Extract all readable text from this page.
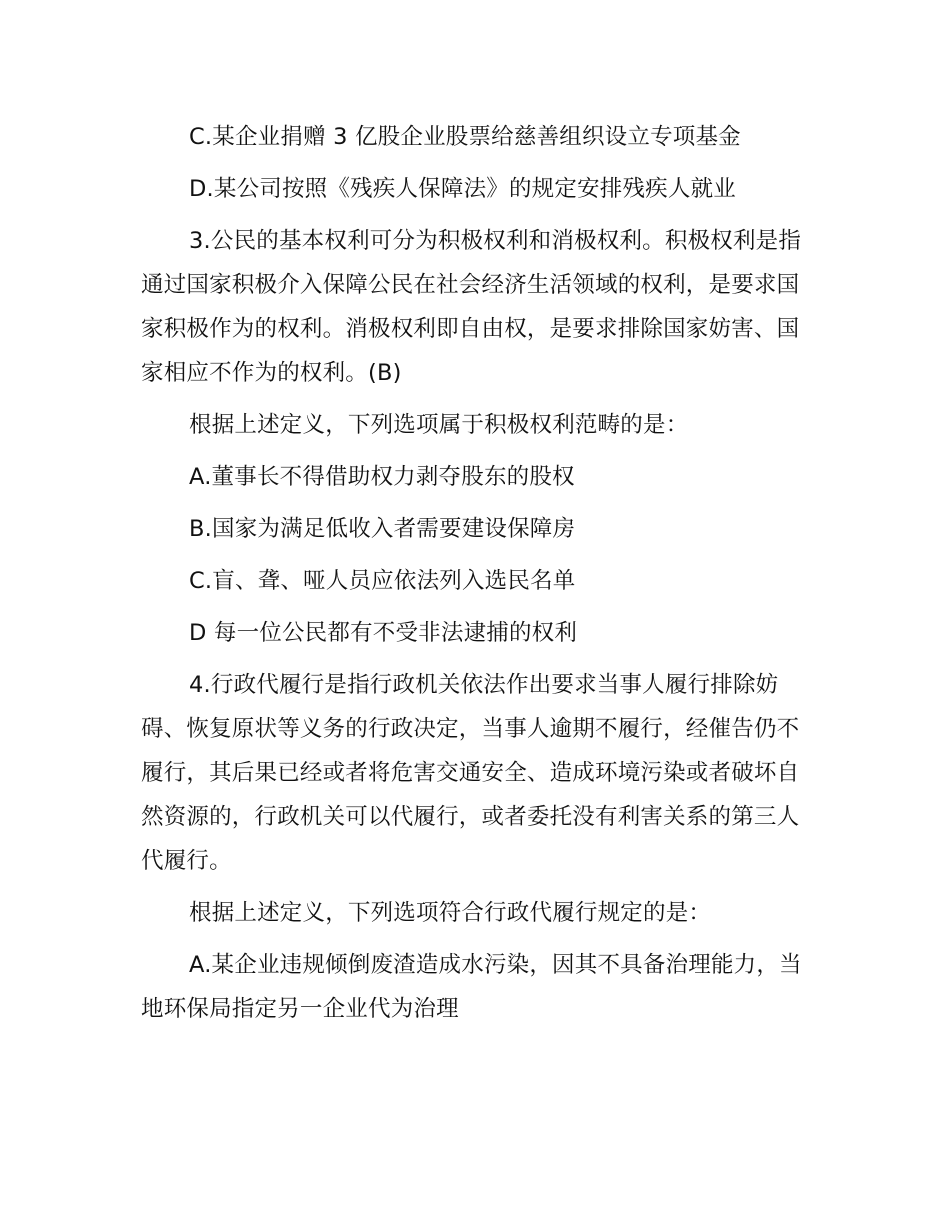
C.某企业捐赠 3 亿股企业股票给慈善组织设立专项基金

D.某公司按照《残疾人保障法》的规定安排残疾人就业

3.公民的基本权利可分为积极权利和消极权利。积极权利是指通过国家积极介入保障公民在社会经济生活领域的权利，是要求国家积极作为的权利。消极权利即自由权，是要求排除国家妨害、国家相应不作为的权利。(B)

根据上述定义，下列选项属于积极权利范畴的是：

A.董事长不得借助权力剥夺股东的股权

B.国家为满足低收入者需要建设保障房

C.盲、聋、哑人员应依法列入选民名单

D 每一位公民都有不受非法逮捕的权利

4.行政代履行是指行政机关依法作出要求当事人履行排除妨碍、恢复原状等义务的行政决定，当事人逾期不履行，经催告仍不履行，其后果已经或者将危害交通安全、造成环境污染或者破坏自然资源的，行政机关可以代履行，或者委托没有利害关系的第三人代履行。

根据上述定义，下列选项符合行政代履行规定的是：

A.某企业违规倾倒废渣造成水污染，因其不具备治理能力，当地环保局指定另一企业代为治理
